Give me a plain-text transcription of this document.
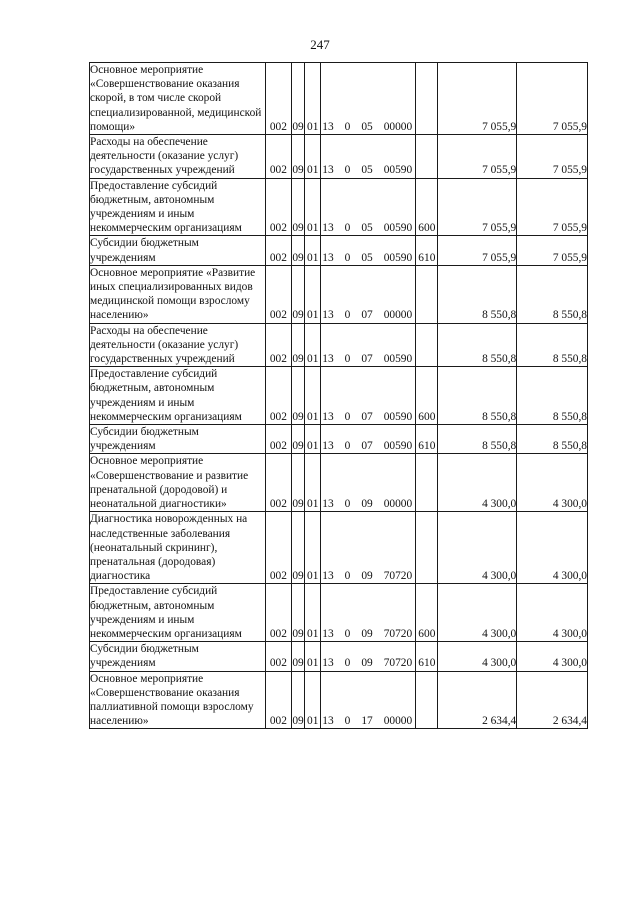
247
Основное мероприятие «Совершенствование оказания скорой, в том числе скорой специализированной, медицинской помощи»	002	09	01	13 0 05 00000		7 055,9	7 055,9
Расходы на обеспечение деятельности (оказание услуг) государственных учреждений	002	09	01	13 0 05 00590		7 055,9	7 055,9
Предоставление субсидий бюджетным, автономным учреждениям и иным некоммерческим организациям	002	09	01	13 0 05 00590	600	7 055,9	7 055,9
Субсидии бюджетным учреждениям	002	09	01	13 0 05 00590	610	7 055,9	7 055,9
Основное мероприятие «Развитие иных специализированных видов медицинской помощи взрослому населению»	002	09	01	13 0 07 00000		8 550,8	8 550,8
Расходы на обеспечение деятельности (оказание услуг) государственных учреждений	002	09	01	13 0 07 00590		8 550,8	8 550,8
Предоставление субсидий бюджетным, автономным учреждениям и иным некоммерческим организациям	002	09	01	13 0 07 00590	600	8 550,8	8 550,8
Субсидии бюджетным учреждениям	002	09	01	13 0 07 00590	610	8 550,8	8 550,8
Основное мероприятие «Совершенствование и развитие пренатальной (дородовой) и неонатальной диагностики»	002	09	01	13 0 09 00000		4 300,0	4 300,0
Диагностика новорожденных на наследственные заболевания (неонатальный скрининг), пренатальная (дородовая) диагностика	002	09	01	13 0 09 70720		4 300,0	4 300,0
Предоставление субсидий бюджетным, автономным учреждениям и иным некоммерческим организациям	002	09	01	13 0 09 70720	600	4 300,0	4 300,0
Субсидии бюджетным учреждениям	002	09	01	13 0 09 70720	610	4 300,0	4 300,0
Основное мероприятие «Совершенствование оказания паллиативной помощи взрослому населению»	002	09	01	13 0 17 00000		2 634,4	2 634,4
